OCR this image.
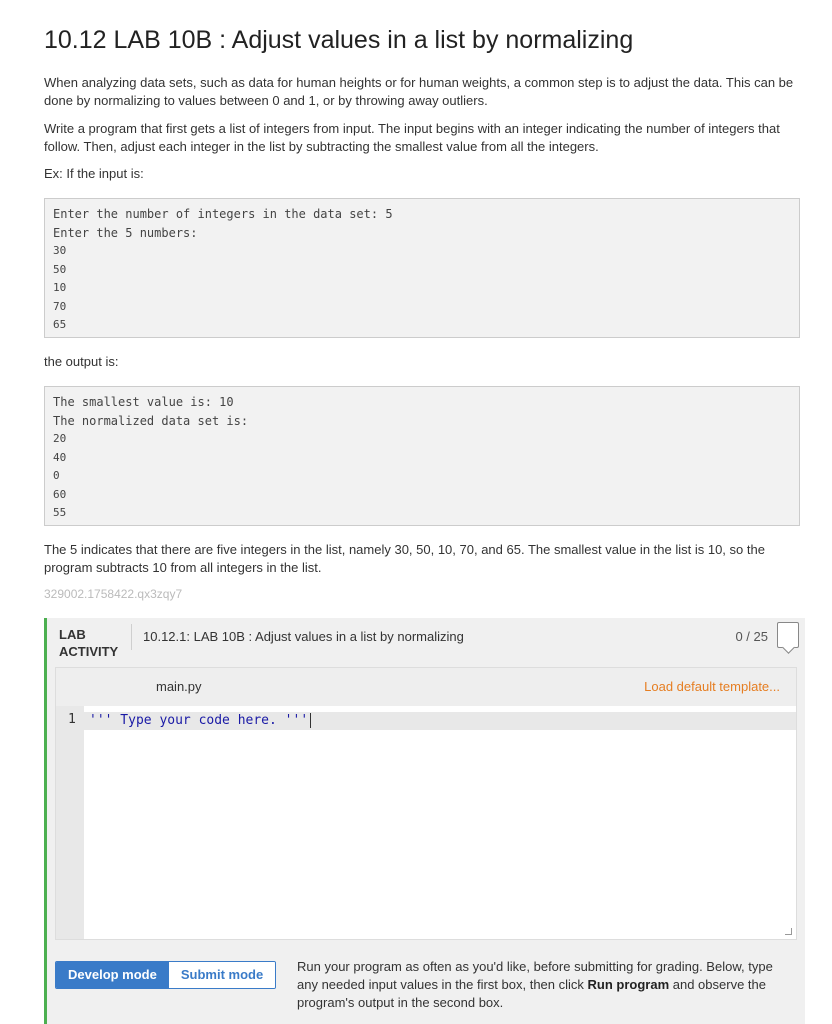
10.12 LAB 10B : Adjust values in a list by normalizing
When analyzing data sets, such as data for human heights or for human weights, a common step is to adjust the data. This can be done by normalizing to values between 0 and 1, or by throwing away outliers.
Write a program that first gets a list of integers from input. The input begins with an integer indicating the number of integers that follow. Then, adjust each integer in the list by subtracting the smallest value from all the integers.
Ex: If the input is:
Enter the number of integers in the data set: 5
Enter the 5 numbers:
30
50
10
70
65
the output is:
The smallest value is: 10
The normalized data set is:
20
40
0
60
55
The 5 indicates that there are five integers in the list, namely 30, 50, 10, 70, and 65. The smallest value in the list is 10, so the program subtracts 10 from all integers in the list.
329002.1758422.qx3zqy7
LAB ACTIVITY
10.12.1: LAB 10B : Adjust values in a list by normalizing	0 / 25
main.py	Load default template...
1	''' Type your code here. '''
Develop mode	Submit mode
Run your program as often as you'd like, before submitting for grading. Below, type any needed input values in the first box, then click Run program and observe the program's output in the second box.
